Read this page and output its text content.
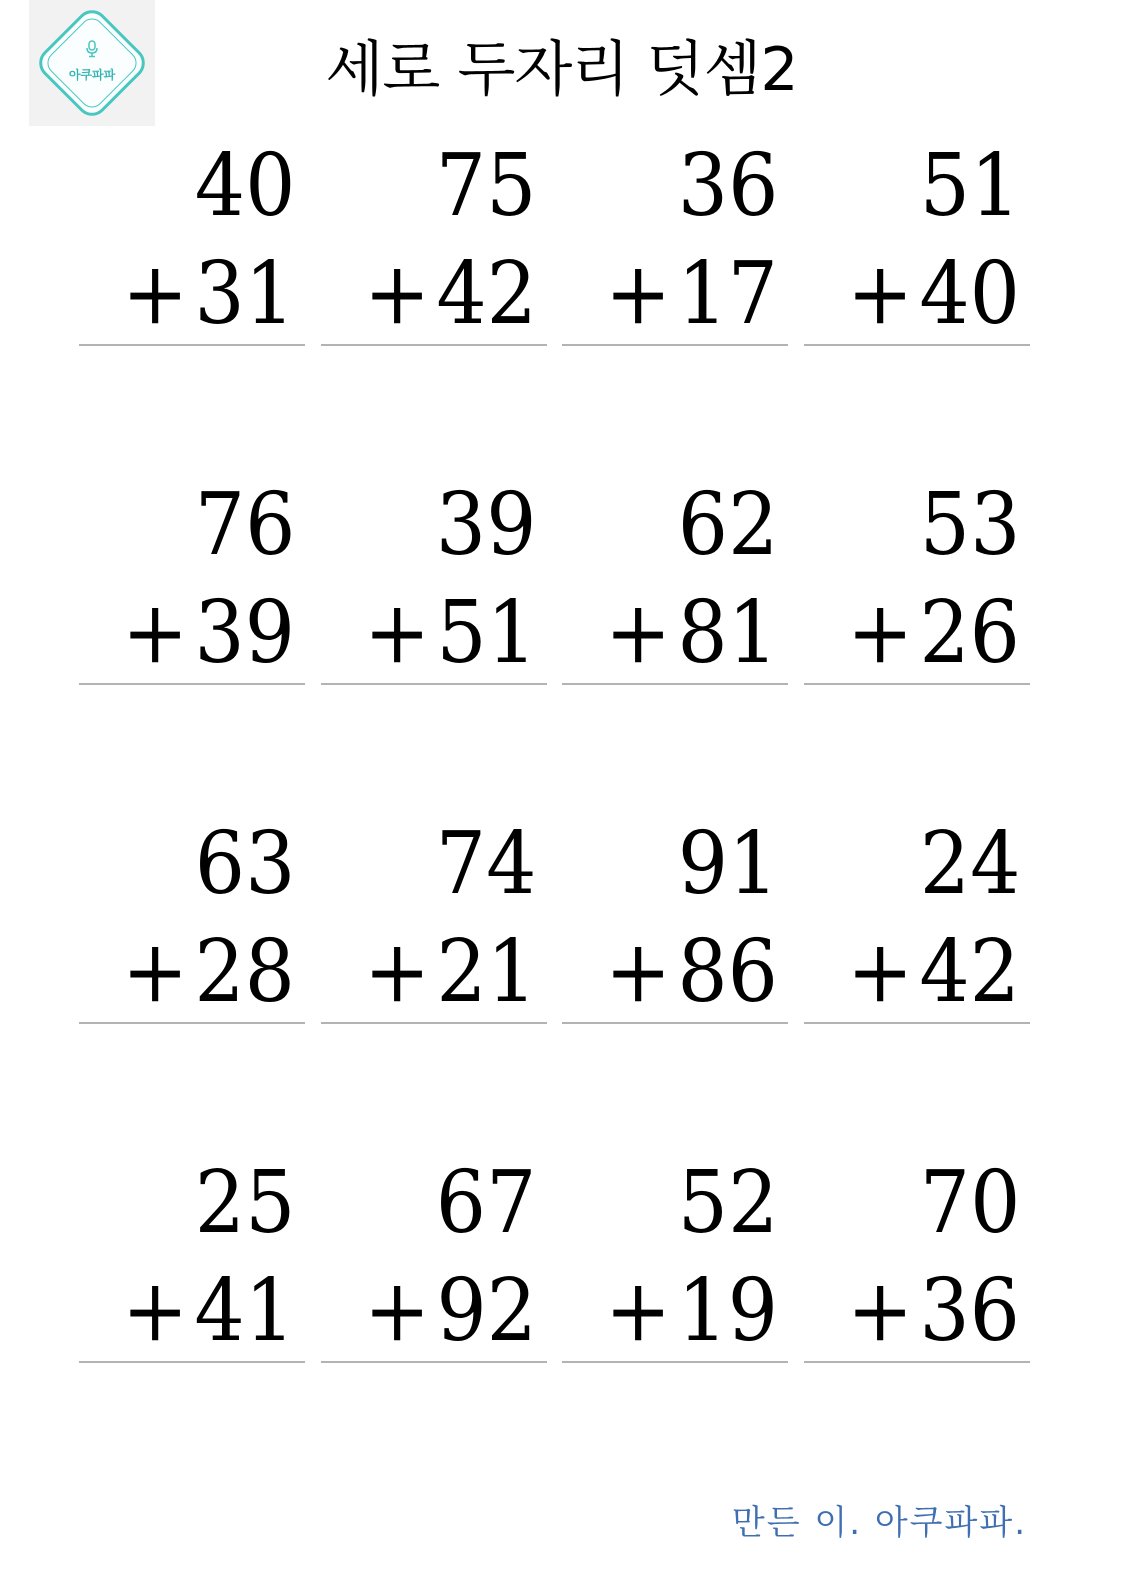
아쿠파파	세로 두자리 덧셈2
40
+ 31
75
+ 42
36
+ 17
51
+ 40
76
+ 39
39
+ 51
62
+ 81
53
+ 26
63
+ 28
74
+ 21
91
+ 86
24
+ 42
25
+ 41
67
+ 92
52
+ 19
70
+ 36
만든 이. 아쿠파파.
